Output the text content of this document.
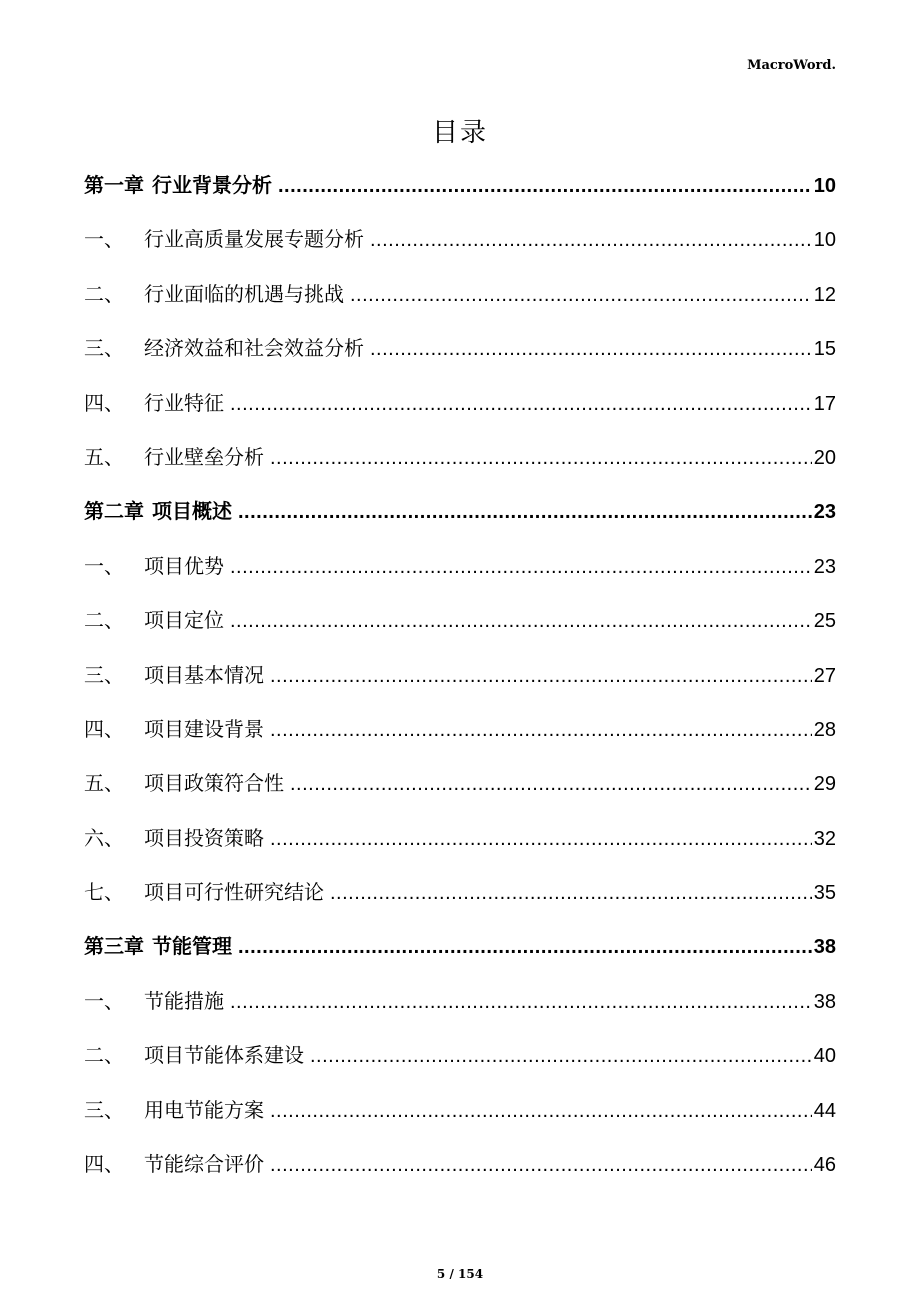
MacroWord.
目录
第一章 行业背景分析 .....	10
一、	行业高质量发展专题分析 .....	10
二、	行业面临的机遇与挑战 .....	12
三、	经济效益和社会效益分析 .....	15
四、	行业特征 .....	17
五、	行业壁垒分析 .....	20
第二章 项目概述 .....	23
一、	项目优势 .....	23
二、	项目定位 .....	25
三、	项目基本情况 .....	27
四、	项目建设背景 .....	28
五、	项目政策符合性 .....	29
六、	项目投资策略 .....	32
七、	项目可行性研究结论 .....	35
第三章 节能管理 .....	38
一、	节能措施 .....	38
二、	项目节能体系建设 .....	40
三、	用电节能方案 .....	44
四、	节能综合评价 .....	46
5 / 154
